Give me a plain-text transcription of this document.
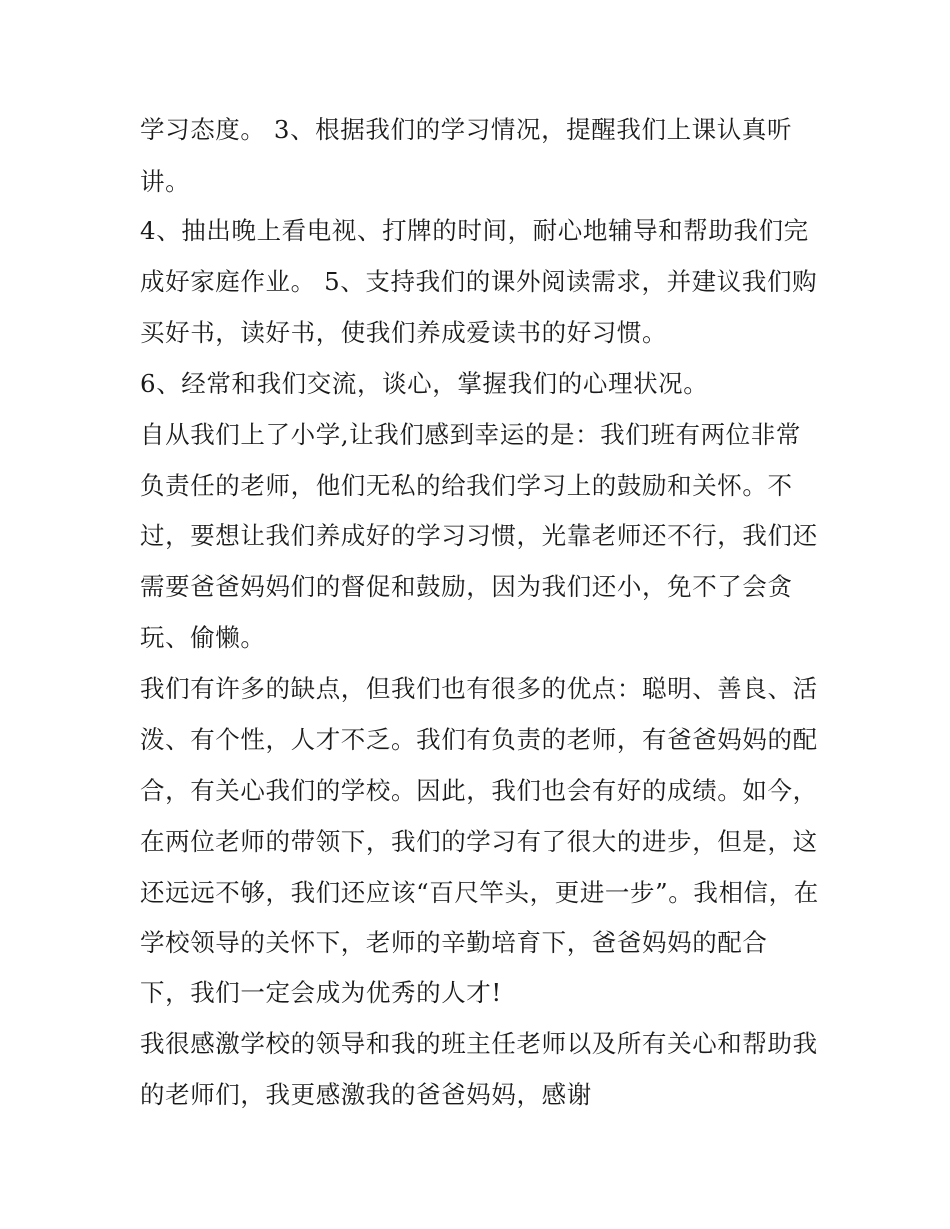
学习态度。 3、根据我们的学习情况，提醒我们上课认真听
讲。
4、抽出晚上看电视、打牌的时间，耐心地辅导和帮助我们完
成好家庭作业。 5、支持我们的课外阅读需求，并建议我们购
买好书，读好书，使我们养成爱读书的好习惯。
6、经常和我们交流，谈心，掌握我们的心理状况。
自从我们上了小学,让我们感到幸运的是：我们班有两位非常
负责任的老师，他们无私的给我们学习上的鼓励和关怀。不
过，要想让我们养成好的学习习惯，光靠老师还不行，我们还
需要爸爸妈妈们的督促和鼓励，因为我们还小，免不了会贪
玩、偷懒。
我们有许多的缺点，但我们也有很多的优点：聪明、善良、活
泼、有个性，人才不乏。我们有负责的老师，有爸爸妈妈的配
合，有关心我们的学校。因此，我们也会有好的成绩。如今，
在两位老师的带领下，我们的学习有了很大的进步，但是，这
还远远不够，我们还应该“百尺竿头，更进一步”。我相信，在
学校领导的关怀下，老师的辛勤培育下，爸爸妈妈的配合
下，我们一定会成为优秀的人才!
我很感激学校的领导和我的班主任老师以及所有关心和帮助我
的老师们，我更感激我的爸爸妈妈，感谢
